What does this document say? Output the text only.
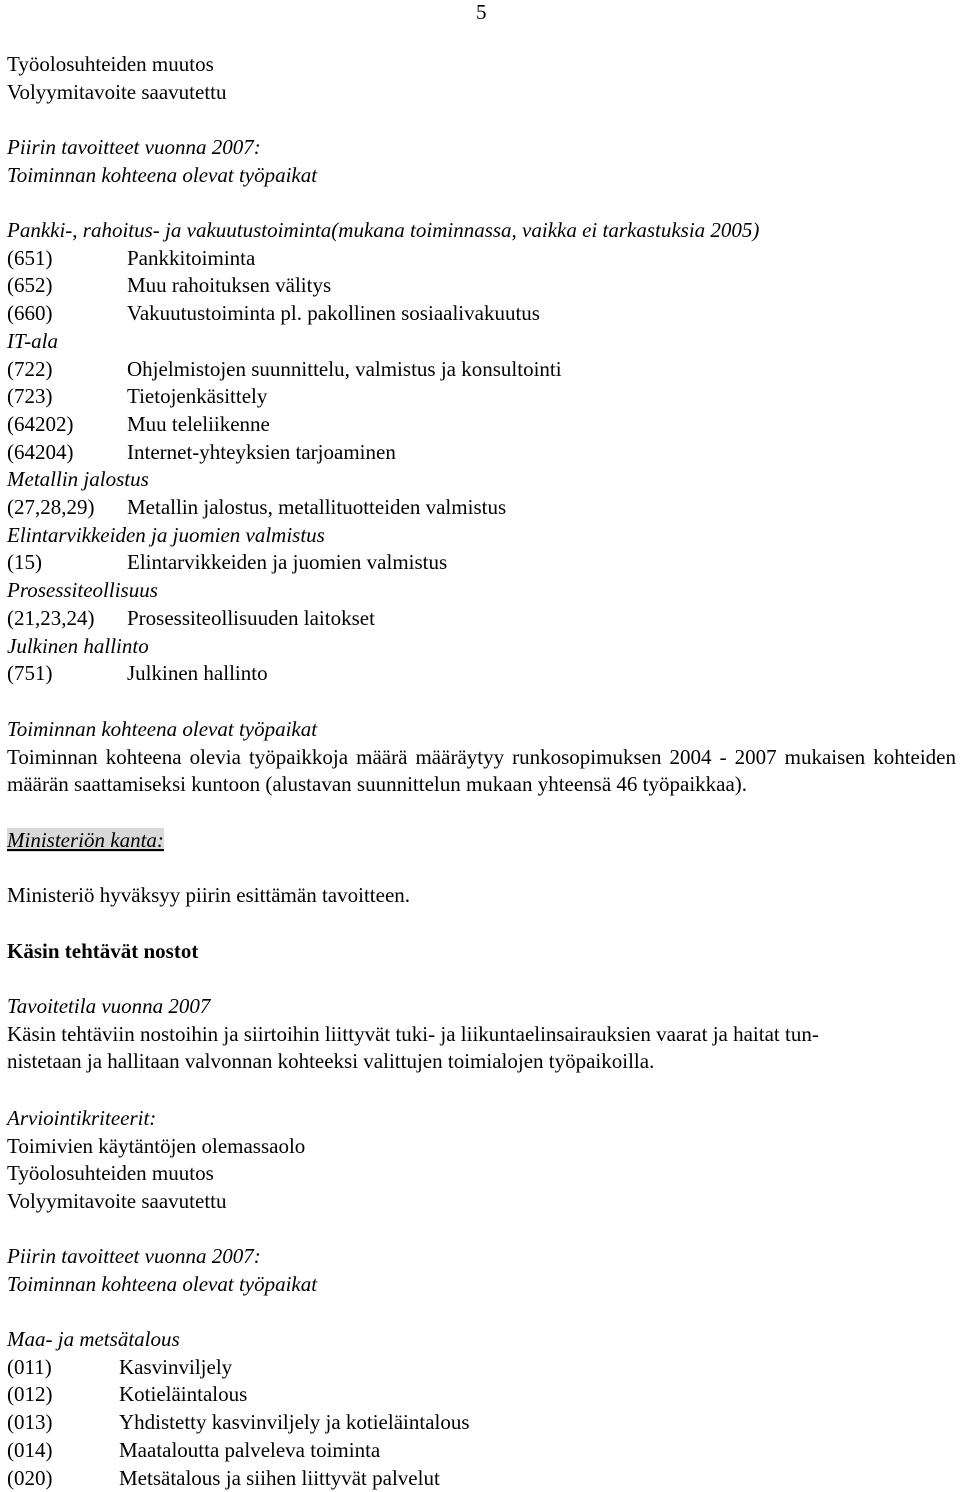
5
Työolosuhteiden muutos
Volyymitavoite saavutettu
Piirin tavoitteet vuonna 2007:
Toiminnan kohteena olevat työpaikat
Pankki-, rahoitus- ja vakuutustoiminta(mukana toiminnassa, vaikka ei tarkastuksia 2005)
(651)	Pankkitoiminta
(652)	Muu rahoituksen välitys
(660)	Vakuutustoiminta pl. pakollinen sosiaalivakuutus
IT-ala
(722)	Ohjelmistojen suunnittelu, valmistus ja konsultointi
(723)	Tietojenkäsittely
(64202)	Muu teleliikenne
(64204)	Internet-yhteyksien tarjoaminen
Metallin jalostus
(27,28,29)	Metallin jalostus, metallituotteiden valmistus
Elintarvikkeiden ja juomien valmistus
(15)	Elintarvikkeiden ja juomien valmistus
Prosessiteollisuus
(21,23,24)	Prosessiteollisuuden laitokset
Julkinen hallinto
(751)	Julkinen hallinto
Toiminnan kohteena olevat työpaikat
Toiminnan kohteena olevia työpaikkoja määrä määräytyy runkosopimuksen 2004 - 2007 mukaisen kohteiden määrän saattamiseksi kuntoon (alustavan suunnittelun mukaan yhteensä 46 työpaikkaa).
Ministeriön kanta:
Ministeriö hyväksyy piirin esittämän tavoitteen.
Käsin tehtävät nostot
Tavoitetila vuonna 2007
Käsin tehtäviin nostoihin ja siirtoihin liittyvät tuki- ja liikuntaelinsairauksien vaarat ja haitat tun-
nistetaan ja hallitaan valvonnan kohteeksi valittujen toimialojen työpaikoilla.
Arviointikriteerit:
Toimivien käytäntöjen olemassaolo
Työolosuhteiden muutos
Volyymitavoite saavutettu
Piirin tavoitteet vuonna 2007:
Toiminnan kohteena olevat työpaikat
Maa- ja metsätalous
(011)	Kasvinviljely
(012)	Kotieläintalous
(013)	Yhdistetty kasvinviljely ja kotieläintalous
(014)	Maataloutta palveleva toiminta
(020)	Metsätalous ja siihen liittyvät palvelut
